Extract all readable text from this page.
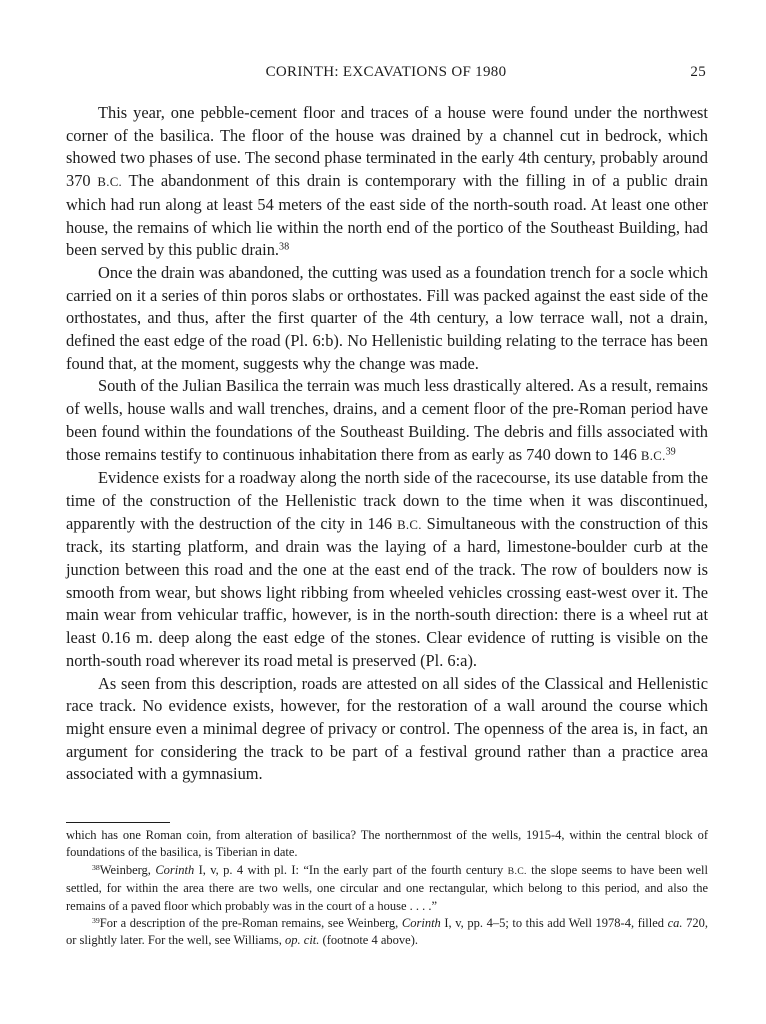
CORINTH: EXCAVATIONS OF 1980	25

This year, one pebble-cement floor and traces of a house were found under the northwest corner of the basilica. The floor of the house was drained by a channel cut in bedrock, which showed two phases of use. The second phase terminated in the early 4th century, probably around 370 B.C. The abandonment of this drain is contemporary with the filling in of a public drain which had run along at least 54 meters of the east side of the north-south road. At least one other house, the remains of which lie within the north end of the portico of the Southeast Building, had been served by this public drain.$^{38}$

Once the drain was abandoned, the cutting was used as a foundation trench for a socle which carried on it a series of thin poros slabs or orthostates. Fill was packed against the east side of the orthostates, and thus, after the first quarter of the 4th century, a low terrace wall, not a drain, defined the east edge of the road (Pl. 6:b). No Hellenistic building relating to the terrace has been found that, at the moment, suggests why the change was made.

South of the Julian Basilica the terrain was much less drastically altered. As a result, remains of wells, house walls and wall trenches, drains, and a cement floor of the pre-Roman period have been found within the foundations of the Southeast Building. The debris and fills associated with those remains testify to continuous inhabitation there from as early as 740 down to 146 B.C.$^{39}$

Evidence exists for a roadway along the north side of the racecourse, its use datable from the time of the construction of the Hellenistic track down to the time when it was discontinued, apparently with the destruction of the city in 146 B.C. Simultaneous with the construction of this track, its starting platform, and drain was the laying of a hard, limestone-boulder curb at the junction between this road and the one at the east end of the track. The row of boulders now is smooth from wear, but shows light ribbing from wheeled vehicles crossing east-west over it. The main wear from vehicular traffic, however, is in the north-south direction: there is a wheel rut at least 0.16 m. deep along the east edge of the stones. Clear evidence of rutting is visible on the north-south road wherever its road metal is preserved (Pl. 6:a).

As seen from this description, roads are attested on all sides of the Classical and Hellenistic race track. No evidence exists, however, for the restoration of a wall around the course which might ensure even a minimal degree of privacy or control. The openness of the area is, in fact, an argument for considering the track to be part of a festival ground rather than a practice area associated with a gymnasium.

which has one Roman coin, from alteration of basilica? The northernmost of the wells, 1915-4, within the central block of foundations of the basilica, is Tiberian in date.

$^{38}$Weinberg, Corinth I, v, p. 4 with pl. I: “In the early part of the fourth century B.C. the slope seems to have been well settled, for within the area there are two wells, one circular and one rectangular, which belong to this period, and also the remains of a paved floor which probably was in the court of a house . . . .”

$^{39}$For a description of the pre-Roman remains, see Weinberg, Corinth I, v, pp. 4–5; to this add Well 1978-4, filled ca. 720, or slightly later. For the well, see Williams, op. cit. (footnote 4 above).
